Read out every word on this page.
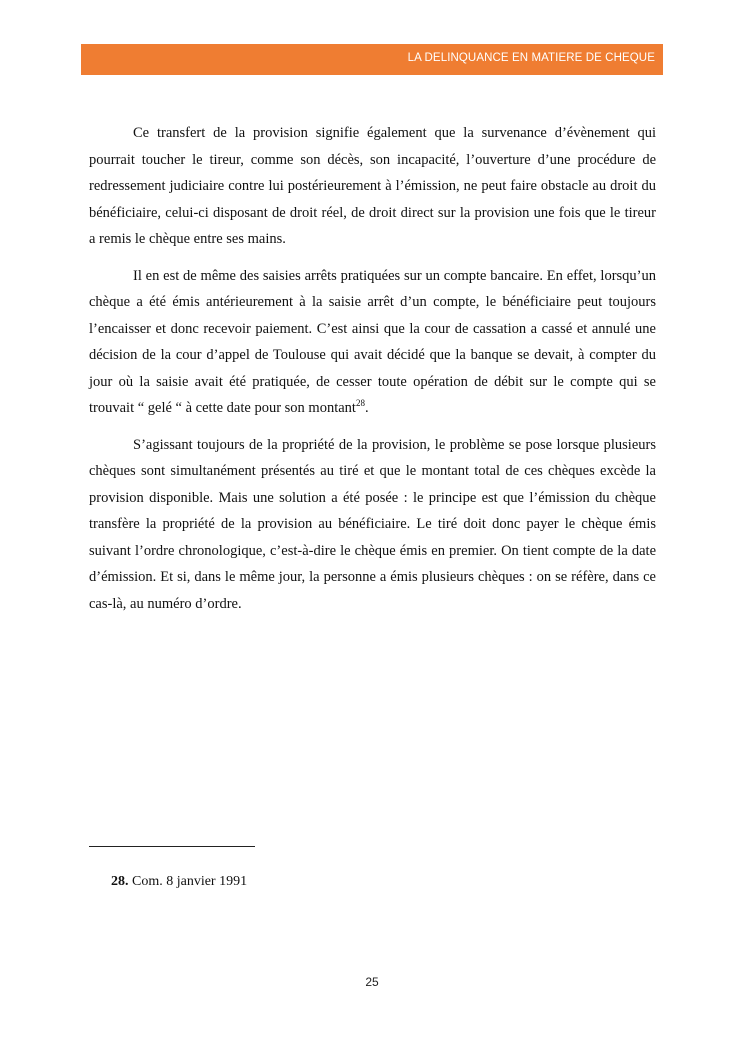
LA DELINQUANCE EN MATIERE DE CHEQUE

Ce transfert de la provision signifie également que la survenance d’évènement qui pourrait toucher le tireur, comme son décès, son incapacité, l’ouverture d’une procédure de redressement judiciaire contre lui postérieurement à l’émission, ne peut faire obstacle au droit du bénéficiaire, celui-ci disposant de droit réel, de droit direct sur la provision une fois que le tireur a remis le chèque entre ses mains.

Il en est de même des saisies arrêts pratiquées sur un compte bancaire. En effet, lorsqu’un chèque a été émis antérieurement à la saisie arrêt d’un compte, le bénéficiaire peut toujours l’encaisser et donc recevoir paiement. C’est ainsi que la cour de cassation a cassé et annulé une décision de la cour d’appel de Toulouse qui avait décidé que la banque se devait, à compter du jour où la saisie avait été pratiquée, de cesser toute opération de débit sur le compte qui se trouvait “ gelé “ à cette date pour son montant$^{28}$.

S’agissant toujours de la propriété de la provision, le problème se pose lorsque plusieurs chèques sont simultanément présentés au tiré et que le montant total de ces chèques excède la provision disponible. Mais une solution a été posée : le principe est que l’émission du chèque transfère la propriété de la provision au bénéficiaire. Le tiré doit donc payer le chèque émis suivant l’ordre chronologique, c’est-à-dire le chèque émis en premier. On tient compte de la date d’émission. Et si, dans le même jour, la personne a émis plusieurs chèques : on se réfère, dans ce cas-là, au numéro d’ordre.

28. Com. 8 janvier 1991
25
